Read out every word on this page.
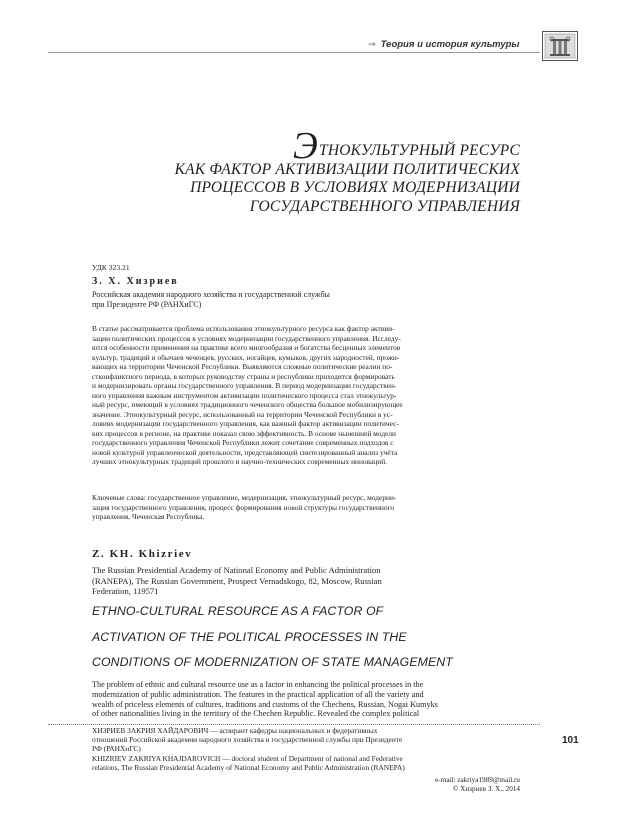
⇒ Теория и история культуры
ЭТНОКУЛЬТУРНЫЙ РЕСУРС
КАК ФАКТОР АКТИВИЗАЦИИ ПОЛИТИЧЕСКИХ
ПРОЦЕССОВ В УСЛОВИЯХ МОДЕРНИЗАЦИИ
ГОСУДАРСТВЕННОГО УПРАВЛЕНИЯ
УДК 323.21
З. Х. Хизриев
Российская академия народного хозяйства и государственной службы
при Президенте РФ (РАНХиГС)
В статье рассматривается проблема использования этнокультурного ресурса как фактор активи-
зации политических процессов в условиях модернизации государственного управления. Исследу-
ются особенности применения на практике всего многообразия и богатства бесценных элементов
культур, традиций и обычаев чеченцев, русских, ногайцев, кумыков, других народностей, прожи-
вающих на территории Чеченской Республики. Выявляются сложные политические реалии по-
стконфликтного периода, в которых руководству страны и республики приходится формировать
и модернизировать органы государственного управления. В период модернизации государствен-
ного управления важным инструментом активизации политического процесса стал этнокультур-
ный ресурс, имеющий в условиях традиционного чеченского общества большое мобилизирующее
значение. Этнокультурный ресурс, использованный на территории Чеченской Республики в ус-
ловиях модернизации государственного управления, как важный фактор активизации политичес-
ких процессов в регионе, на практике показал свою эффективность. В основе нынешней модели
государственного управления Чеченской Республики лежит сочетание современных подходов с
новой культурой управленческой деятельности, представляющей синтезированный анализ учёта
лучших этнокультурных традиций прошлого и научно-технических современных инноваций.
Ключевые слова: государственное управление, модернизация, этнокультурный ресурс, модерни-
зация государственного управления, процесс формирования новой структуры государственного
управления, Чеченская Республика.
Z. KH. Khizriev
The Russian Presidential Academy of National Economy and Public Administration
(RANEPA), The Russian Government, Prospect Vernadskogo, 82, Moscow, Russian
Federation, 119571
ETHNO-CULTURAL RESOURCE AS A FACTOR OF
ACTIVATION OF THE POLITICAL PROCESSES IN THE
CONDITIONS OF MODERNIZATION OF STATE MANAGEMENT
The problem of ethnic and cultural resource use as a factor in enhancing the political processes in the
modernization of public administration. The features in the practical application of all the variety and
wealth of priceless elements of cultures, traditions and customs of the Chechens, Russian, Nogai Kumyks
of other nationalities living in the territory of the Chechen Republic. Revealed the complex political
ХИЗРИЕВ ЗАКРИЯ ХАЙДАРОВИЧ — аспирант кафедры национальных и федеративных
отношений Российской академии народного хозяйства и государственной службы при Президенте
РФ (РАНХиГС)
KHIZRIEV ZAKRIYA KHAJDAROVICH — doctoral student of Department of national and Federative
relations, The Russian Presidential Academy of National Economy and Public Administration (RANEPA)
e-mail: zakriya1989@mail.ru
© Хизриев З. Х., 2014
101
